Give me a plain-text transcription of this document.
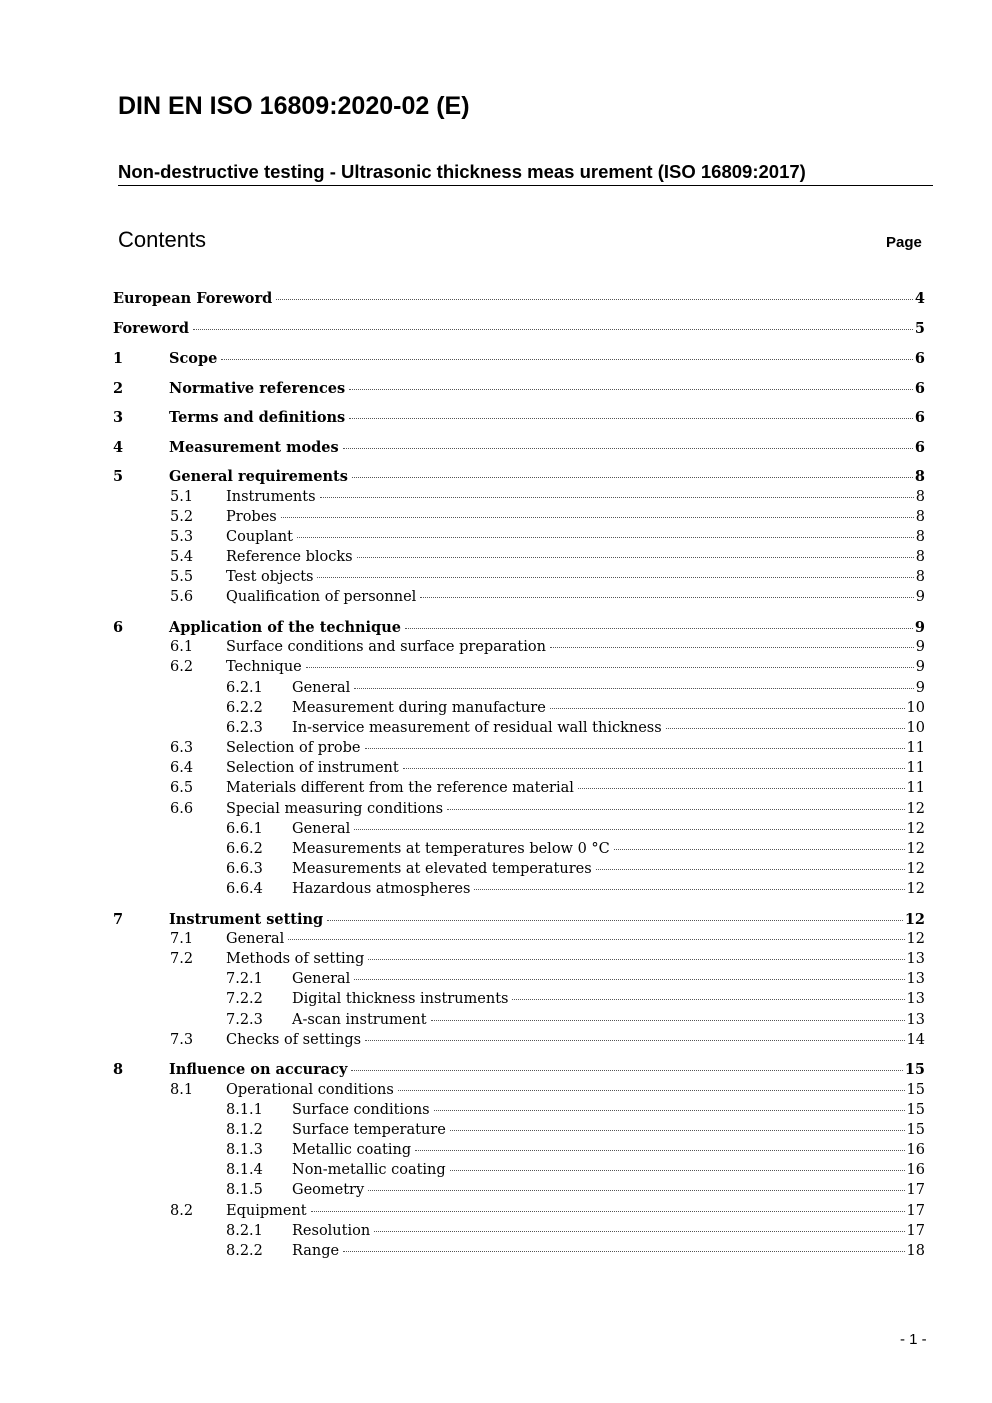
DIN EN ISO 16809:2020-02 (E)
Non-destructive testing - Ultrasonic thickness meas urement (ISO 16809:2017)
Contents	Page
European Foreword	4
Foreword	5
1	Scope	6
2	Normative references	6
3	Terms and definitions	6
4	Measurement modes	6
5	General requirements	8
5.1 Instruments	8
5.2 Probes	8
5.3 Couplant	8
5.4 Reference blocks	8
5.5 Test objects	8
5.6 Qualification of personnel	9
6	Application of the technique	9
6.1 Surface conditions and surface preparation	9
6.2 Technique	9
6.2.1 General	9
6.2.2 Measurement during manufacture	10
6.2.3 In-service measurement of residual wall thickness	10
6.3 Selection of probe	11
6.4 Selection of instrument	11
6.5 Materials different from the reference material	11
6.6 Special measuring conditions	12
6.6.1 General	12
6.6.2 Measurements at temperatures below 0 °C	12
6.6.3 Measurements at elevated temperatures	12
6.6.4 Hazardous atmospheres	12
7	Instrument setting	12
7.1 General	12
7.2 Methods of setting	13
7.2.1 General	13
7.2.2 Digital thickness instruments	13
7.2.3 A-scan instrument	13
7.3 Checks of settings	14
8	Influence on accuracy	15
8.1 Operational conditions	15
8.1.1 Surface conditions	15
8.1.2 Surface temperature	15
8.1.3 Metallic coating	16
8.1.4 Non-metallic coating	16
8.1.5 Geometry	17
8.2 Equipment	17
8.2.1 Resolution	17
8.2.2 Range	18
- 1 -
